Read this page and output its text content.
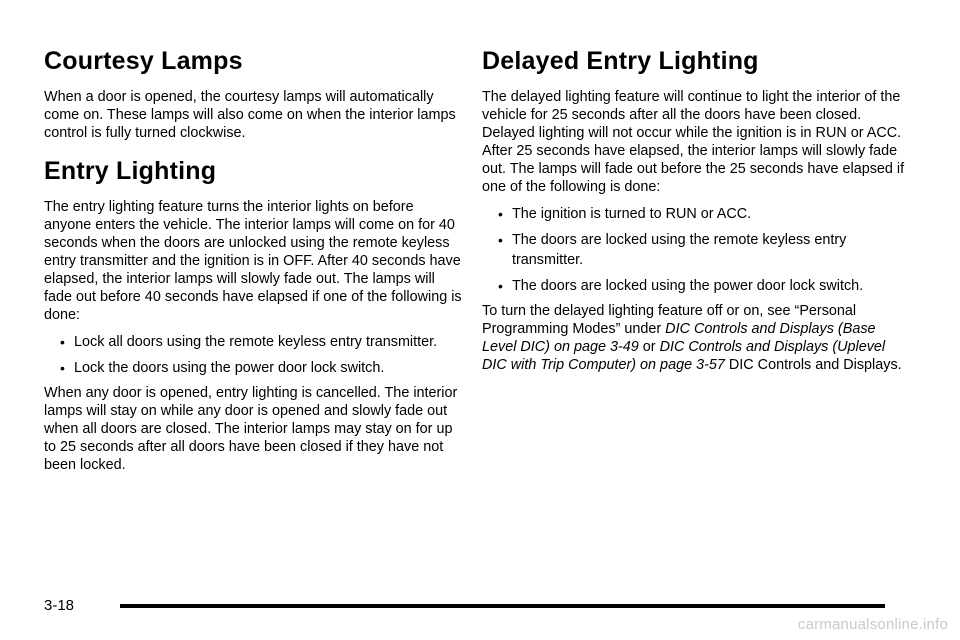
Courtesy Lamps

When a door is opened, the courtesy lamps will automatically come on. These lamps will also come on when the interior lamps control is fully turned clockwise.

Entry Lighting

The entry lighting feature turns the interior lights on before anyone enters the vehicle. The interior lamps will come on for 40 seconds when the doors are unlocked using the remote keyless entry transmitter and the ignition is in OFF. After 40 seconds have elapsed, the interior lamps will slowly fade out. The lamps will fade out before 40 seconds have elapsed if one of the following is done:

• Lock all doors using the remote keyless entry transmitter.
• Lock the doors using the power door lock switch.

When any door is opened, entry lighting is cancelled. The interior lamps will stay on while any door is opened and slowly fade out when all doors are closed. The interior lamps may stay on for up to 25 seconds after all doors have been closed if they have not been locked.

Delayed Entry Lighting

The delayed lighting feature will continue to light the interior of the vehicle for 25 seconds after all the doors have been closed. Delayed lighting will not occur while the ignition is in RUN or ACC. After 25 seconds have elapsed, the interior lamps will slowly fade out. The lamps will fade out before the 25 seconds have elapsed if one of the following is done:

• The ignition is turned to RUN or ACC.
• The doors are locked using the remote keyless entry transmitter.
• The doors are locked using the power door lock switch.

To turn the delayed lighting feature off or on, see “Personal Programming Modes” under DIC Controls and Displays (Base Level DIC) on page 3-49 or DIC Controls and Displays (Uplevel DIC with Trip Computer) on page 3-57 DIC Controls and Displays.

3-18
carmanualsonline.info
